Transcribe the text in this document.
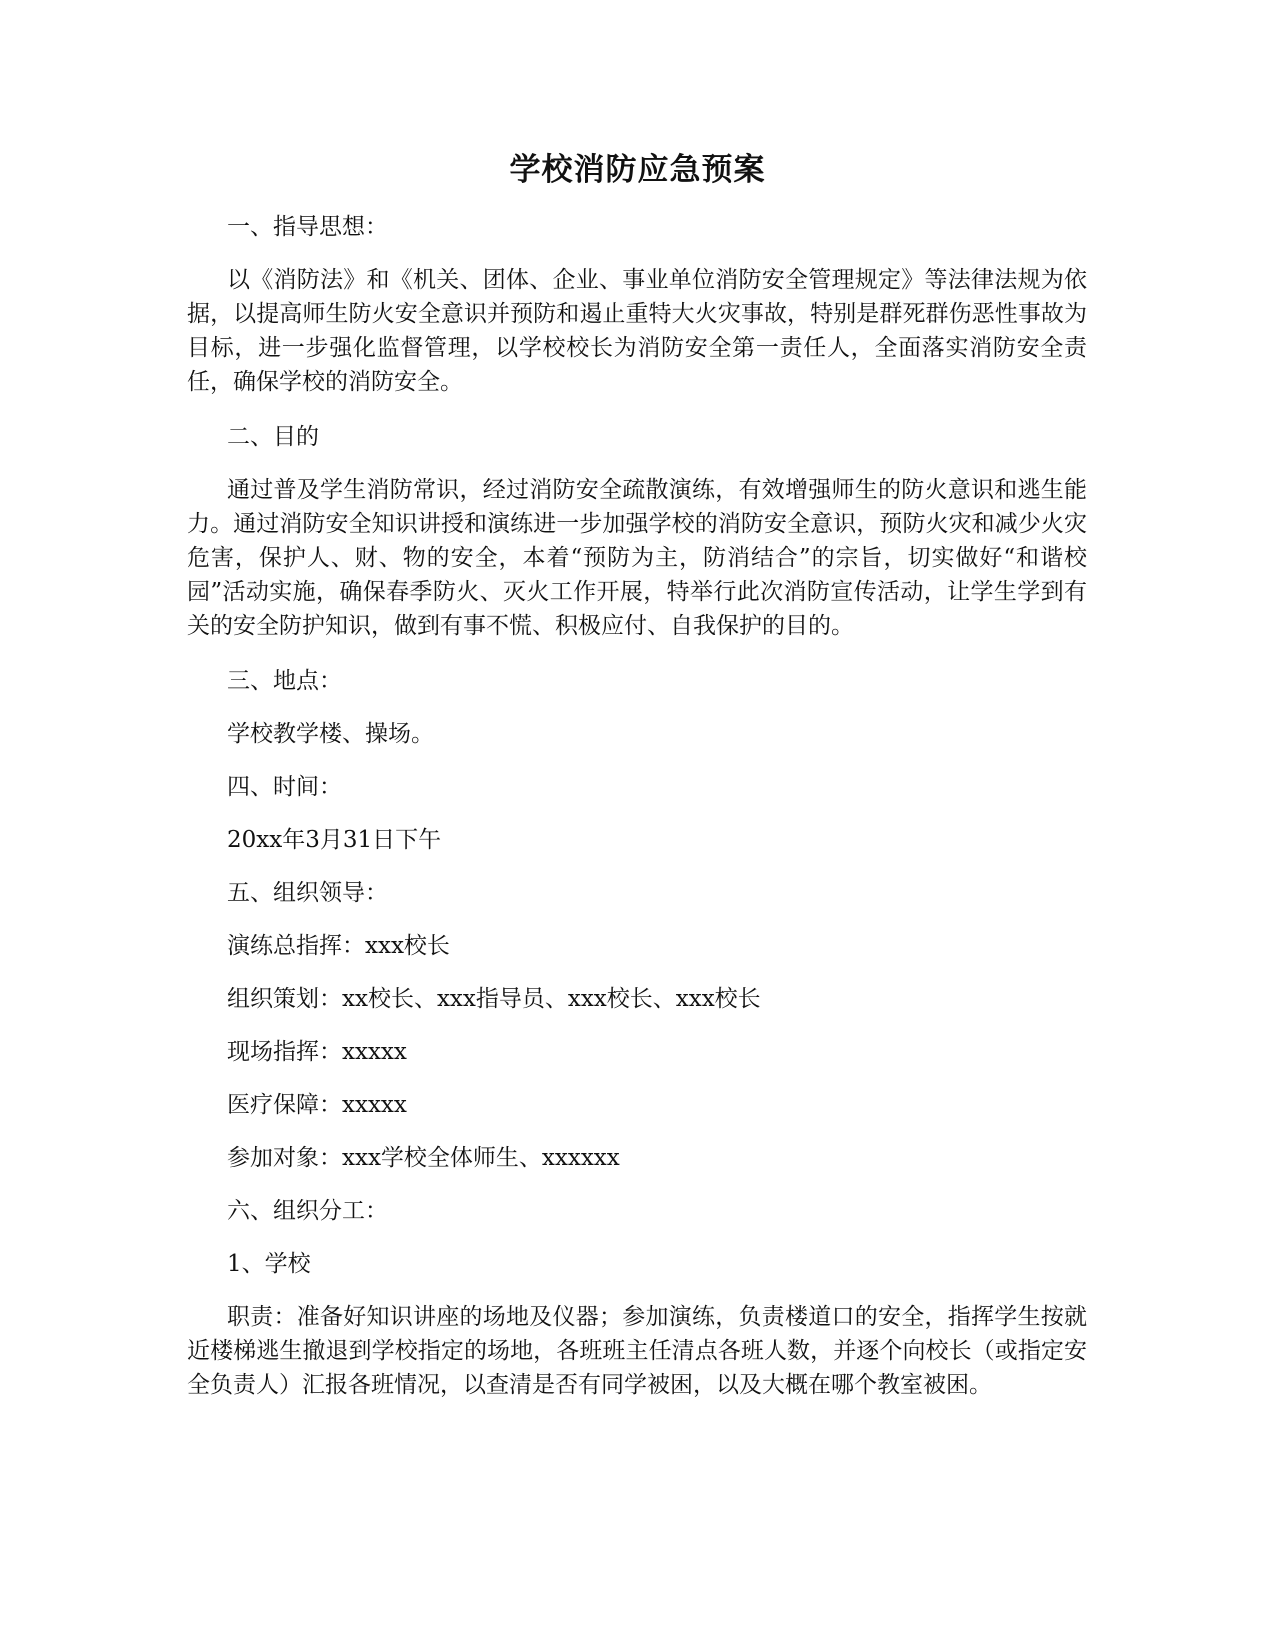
学校消防应急预案

一、指导思想：

以《消防法》和《机关、团体、企业、事业单位消防安全管理规定》等法律法规为依据，以提高师生防火安全意识并预防和遏止重特大火灾事故，特别是群死群伤恶性事故为目标，进一步强化监督管理，以学校校长为消防安全第一责任人，全面落实消防安全责任，确保学校的消防安全。

二、目的

通过普及学生消防常识，经过消防安全疏散演练，有效增强师生的防火意识和逃生能力。通过消防安全知识讲授和演练进一步加强学校的消防安全意识，预防火灾和减少火灾危害，保护人、财、物的安全，本着“预防为主，防消结合”的宗旨，切实做好“和谐校园”活动实施，确保春季防火、灭火工作开展，特举行此次消防宣传活动，让学生学到有关的安全防护知识，做到有事不慌、积极应付、自我保护的目的。

三、地点：

学校教学楼、操场。

四、时间：

20xx年3月31日下午

五、组织领导：

演练总指挥：xxx校长

组织策划：xx校长、xxx指导员、xxx校长、xxx校长

现场指挥：xxxxx

医疗保障：xxxxx

参加对象：xxx学校全体师生、xxxxxx

六、组织分工：

1、学校

职责：准备好知识讲座的场地及仪器；参加演练，负责楼道口的安全，指挥学生按就近楼梯逃生撤退到学校指定的场地，各班班主任清点各班人数，并逐个向校长（或指定安全负责人）汇报各班情况，以查清是否有同学被困，以及大概在哪个教室被困。
